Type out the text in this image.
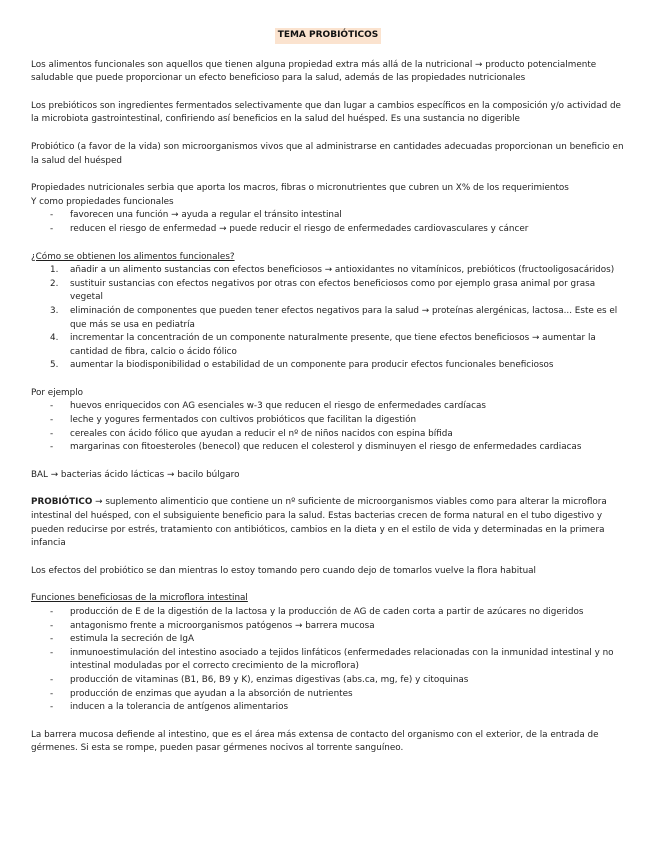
TEMA PROBIÓTICOS

Los alimentos funcionales son aquellos que tienen alguna propiedad extra más allá de la nutricional → producto potencialmente saludable que puede proporcionar un efecto beneficioso para la salud, además de las propiedades nutricionales

Los prebióticos son ingredientes fermentados selectivamente que dan lugar a cambios específicos en la composición y/o actividad de la microbiota gastrointestinal, confiriendo así beneficios en la salud del huésped. Es una sustancia no digerible

Probiótico (a favor de la vida) son microorganismos vivos que al administrarse en cantidades adecuadas proporcionan un beneficio en la salud del huésped

Propiedades nutricionales serbia que aporta los macros, fibras o micronutrientes que cubren un X% de los requerimientos
Y como propiedades funcionales
- favorecen una función → ayuda a regular el tránsito intestinal
- reducen el riesgo de enfermedad → puede reducir el riesgo de enfermedades cardiovasculares y cáncer
¿Cómo se obtienen los alimentos funcionales?
1. añadir a un alimento sustancias con efectos beneficiosos → antioxidantes no vitamínicos, prebióticos (fructooligosacáridos)
2. sustituir sustancias con efectos negativos por otras con efectos beneficiosos como por ejemplo grasa animal por grasa vegetal
3. eliminación de componentes que pueden tener efectos negativos para la salud → proteínas alergénicas, lactosa... Este es el que más se usa en pediatría
4. incrementar la concentración de un componente naturalmente presente, que tiene efectos beneficiosos → aumentar la cantidad de fibra, calcio o ácido fólico
5. aumentar la biodisponibilidad o estabilidad de un componente para producir efectos funcionales beneficiosos
Por ejemplo
- huevos enriquecidos con AG esenciales w-3 que reducen el riesgo de enfermedades cardíacas
- leche y yogures fermentados con cultivos probióticos que facilitan la digestión
- cereales con ácido fólico que ayudan a reducir el nº de niños nacidos con espina bífida
- margarinas con fitoesteroles (benecol) que reducen el colesterol y disminuyen el riesgo de enfermedades cardiacas

BAL → bacterias ácido lácticas → bacilo búlgaro

PROBIÓTICO → suplemento alimenticio que contiene un nº suficiente de microorganismos viables como para alterar la microflora intestinal del huésped, con el subsiguiente beneficio para la salud. Estas bacterias crecen de forma natural en el tubo digestivo y pueden reducirse por estrés, tratamiento con antibióticos, cambios en la dieta y en el estilo de vida y determinadas en la primera infancia

Los efectos del probiótico se dan mientras lo estoy tomando pero cuando dejo de tomarlos vuelve la flora habitual

Funciones beneficiosas de la microflora intestinal
- producción de E de la digestión de la lactosa y la producción de AG de caden corta a partir de azúcares no digeridos
- antagonismo frente a microorganismos patógenos → barrera mucosa
- estimula la secreción de IgA
- inmunoestimulación del intestino asociado a tejidos linfáticos (enfermedades relacionadas con la inmunidad intestinal y no intestinal moduladas por el correcto crecimiento de la microflora)
- producción de vitaminas (B1, B6, B9 y K), enzimas digestivas (abs.ca, mg, fe) y citoquinas
- producción de enzimas que ayudan a la absorción de nutrientes
- inducen a la tolerancia de antígenos alimentarios

La barrera mucosa defiende al intestino, que es el área más extensa de contacto del organismo con el exterior, de la entrada de gérmenes. Si esta se rompe, pueden pasar gérmenes nocivos al torrente sanguíneo.
